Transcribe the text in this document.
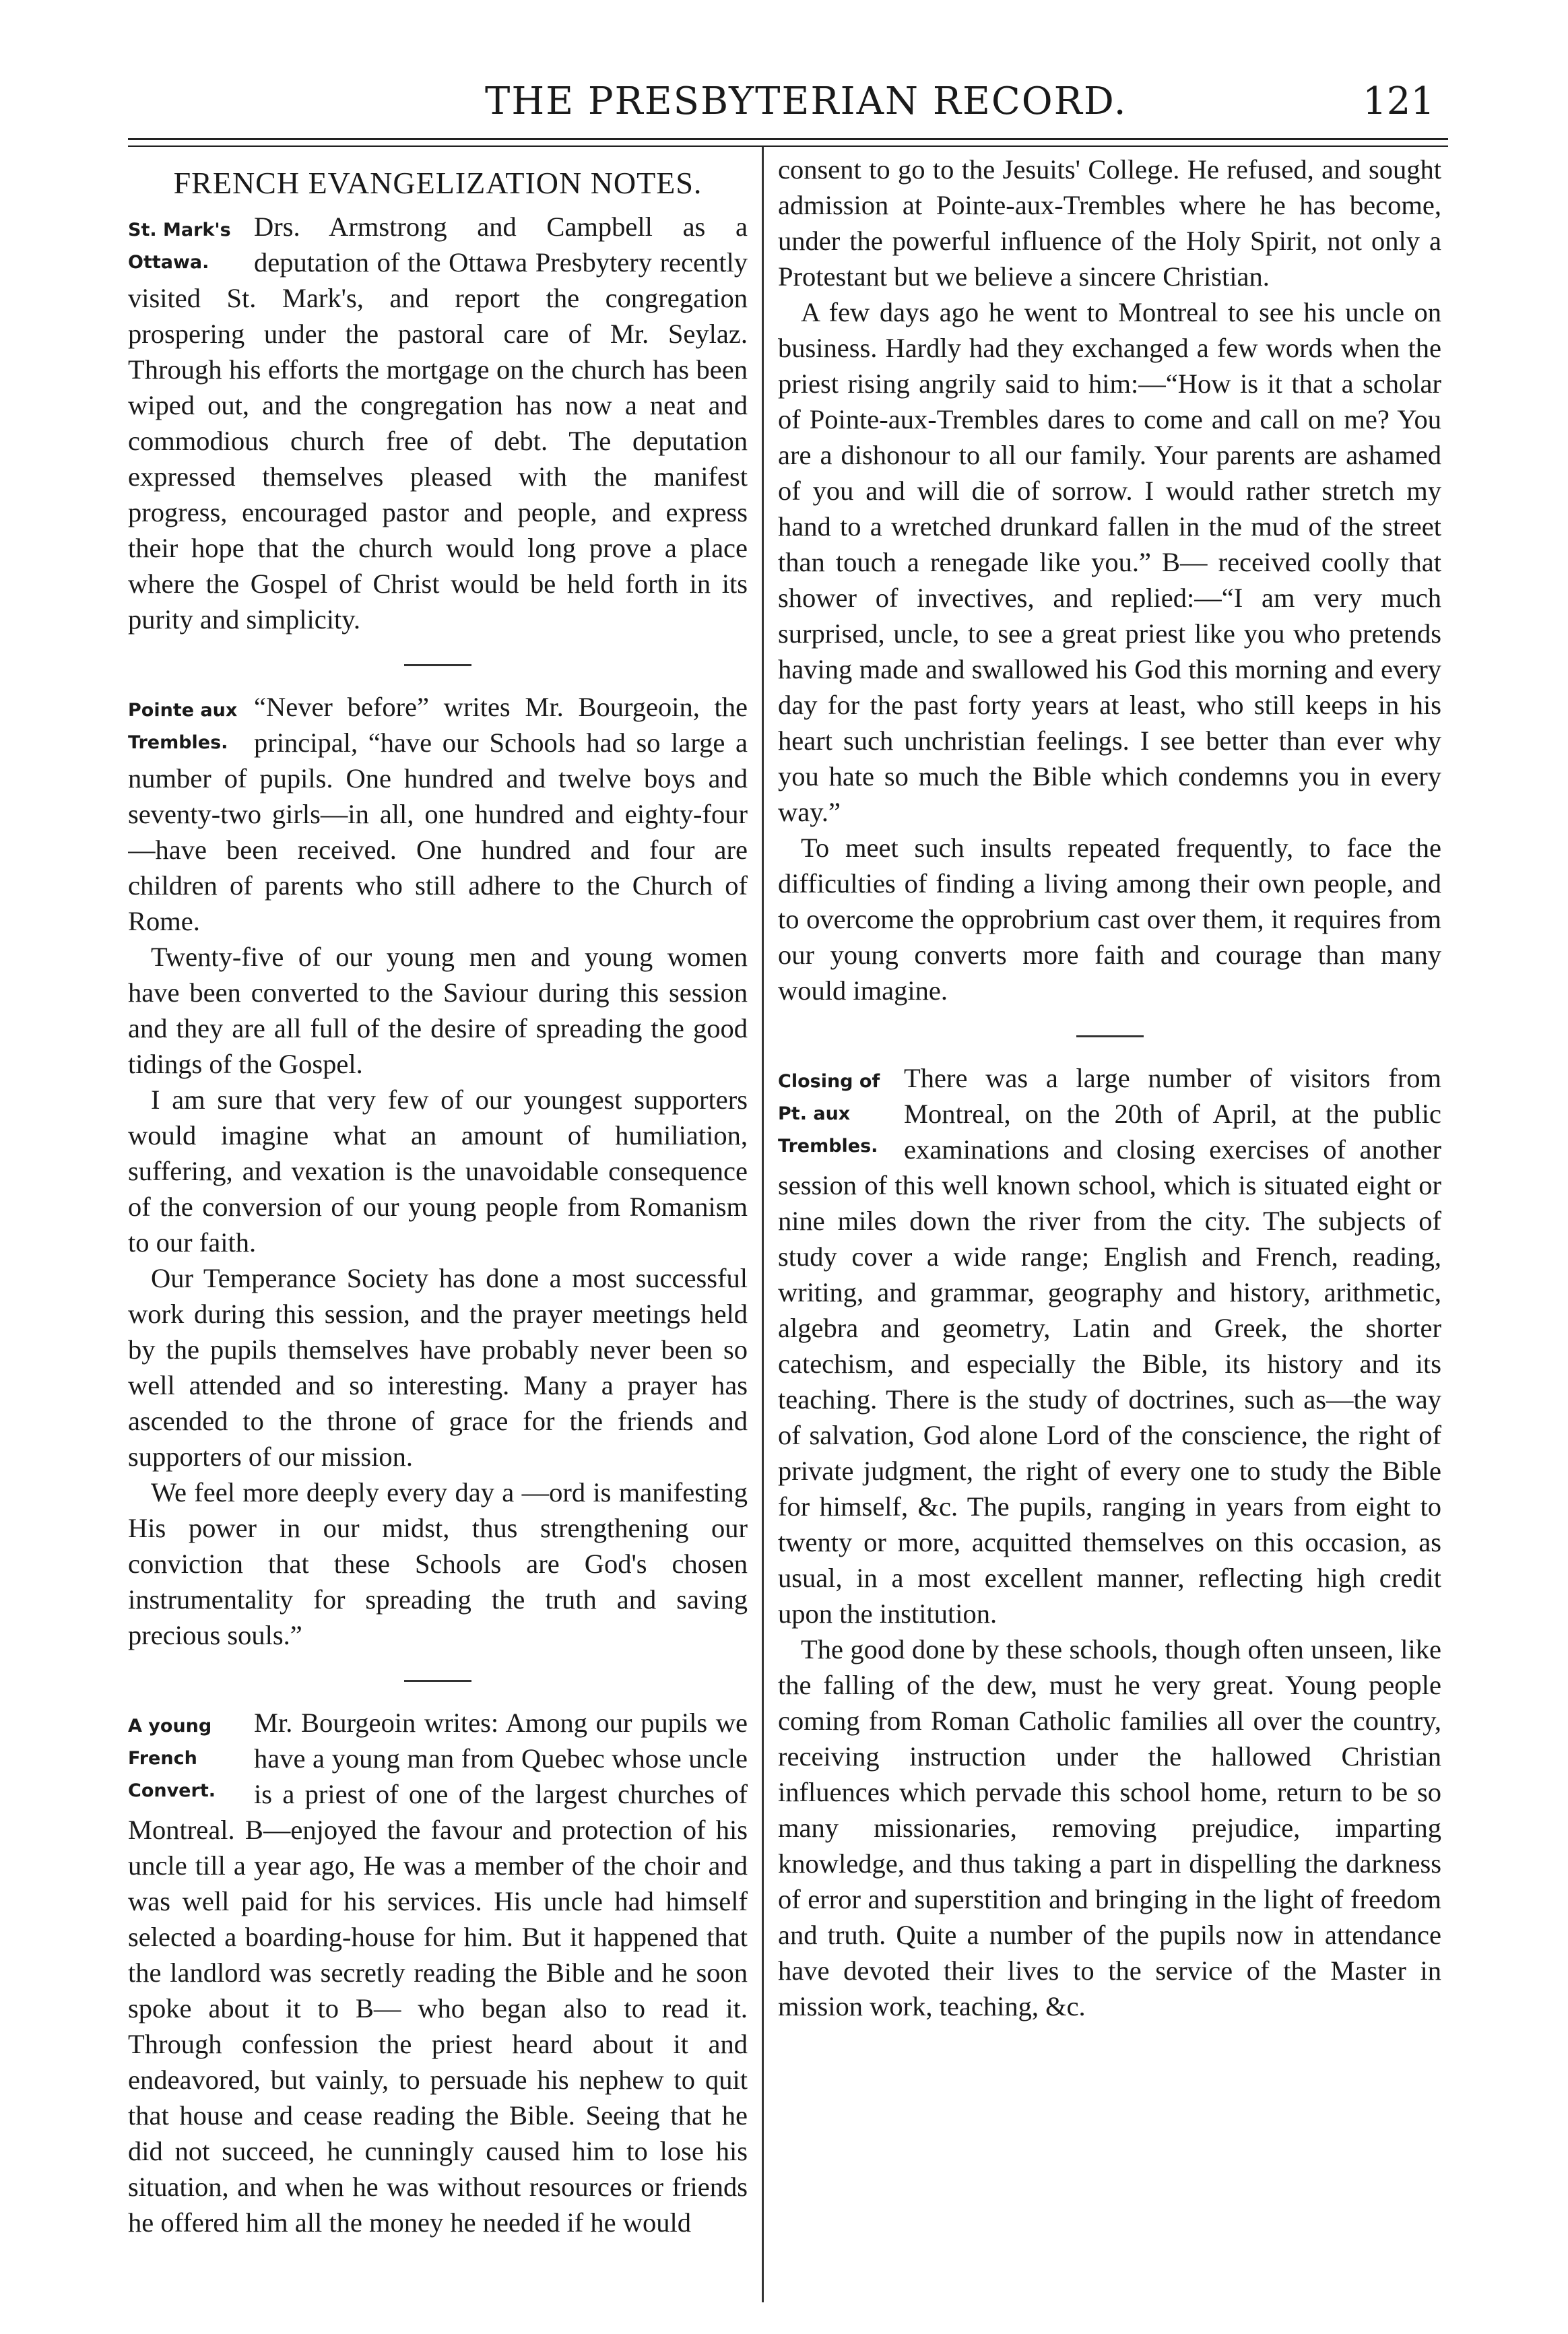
THE PRESBYTERIAN RECORD.	121
FRENCH EVANGELIZATION NOTES.
St. Mark's Ottawa.

Drs. Armstrong and Campbell as a deputation of the Ottawa Presbytery recently visited St. Mark's, and report the congregation prospering under the pastoral care of Mr. Seylaz. Through his efforts the mortgage on the church has been wiped out, and the congregation has now a neat and commodious church free of debt. The deputation expressed themselves pleased with the manifest progress, encouraged pastor and people, and express their hope that the church would long prove a place where the Gospel of Christ would be held forth in its purity and simplicity.

Pointe aux Trembles.

“Never before” writes Mr. Bourgeoin, the principal, “have our Schools had so large a number of pupils. One hundred and twelve boys and seventy-two girls—in all, one hundred and eighty-four—have been received. One hundred and four are children of parents who still adhere to the Church of Rome.

Twenty-five of our young men and young women have been converted to the Saviour during this session and they are all full of the desire of spreading the good tidings of the Gospel.

I am sure that very few of our youngest supporters would imagine what an amount of humiliation, suffering, and vexation is the unavoidable consequence of the conversion of our young people from Romanism to our faith.

Our Temperance Society has done a most successful work during this session, and the prayer meetings held by the pupils themselves have probably never been so well attended and so interesting. Many a prayer has ascended to the throne of grace for the friends and supporters of our mission.

We feel more deeply every day a —ord is manifesting His power in our midst, thus strengthening our conviction that these Schools are God's chosen instrumentality for spreading the truth and saving precious souls.”

A young French Convert.

Mr. Bourgeoin writes: Among our pupils we have a young man from Quebec whose uncle is a priest of one of the largest churches of Montreal. B—enjoyed the favour and protection of his uncle till a year ago, He was a member of the choir and was well paid for his services. His uncle had himself selected a boarding-house for him. But it happened that the landlord was secretly reading the Bible and he soon spoke about it to B— who began also to read it. Through confession the priest heard about it and endeavored, but vainly, to persuade his nephew to quit that house and cease reading the Bible. Seeing that he did not succeed, he cunningly caused him to lose his situation, and when he was without resources or friends he offered him all the money he needed if he would

consent to go to the Jesuits' College. He refused, and sought admission at Pointe-aux-Trembles where he has become, under the powerful influence of the Holy Spirit, not only a Protestant but we believe a sincere Christian.

A few days ago he went to Montreal to see his uncle on business. Hardly had they exchanged a few words when the priest rising angrily said to him:—“How is it that a scholar of Pointe-aux-Trembles dares to come and call on me? You are a dishonour to all our family. Your parents are ashamed of you and will die of sorrow. I would rather stretch my hand to a wretched drunkard fallen in the mud of the street than touch a renegade like you.” B— received coolly that shower of invectives, and replied:—“I am very much surprised, uncle, to see a great priest like you who pretends having made and swallowed his God this morning and every day for the past forty years at least, who still keeps in his heart such unchristian feelings. I see better than ever why you hate so much the Bible which condemns you in every way.”

To meet such insults repeated frequently, to face the difficulties of finding a living among their own people, and to overcome the opprobrium cast over them, it requires from our young converts more faith and courage than many would imagine.

Closing of Pt. aux Trembles.

There was a large number of visitors from Montreal, on the 20th of April, at the public examinations and closing exercises of another session of this well known school, which is situated eight or nine miles down the river from the city. The subjects of study cover a wide range; English and French, reading, writing, and grammar, geography and history, arithmetic, algebra and geometry, Latin and Greek, the shorter catechism, and especially the Bible, its history and its teaching. There is the study of doctrines, such as—the way of salvation, God alone Lord of the conscience, the right of private judgment, the right of every one to study the Bible for himself, &c. The pupils, ranging in years from eight to twenty or more, acquitted themselves on this occasion, as usual, in a most excellent manner, reflecting high credit upon the institution.

The good done by these schools, though often unseen, like the falling of the dew, must he very great. Young people coming from Roman Catholic families all over the country, receiving instruction under the hallowed Christian influences which pervade this school home, return to be so many missionaries, removing prejudice, imparting knowledge, and thus taking a part in dispelling the darkness of error and superstition and bringing in the light of freedom and truth. Quite a number of the pupils now in attendance have devoted their lives to the service of the Master in mission work, teaching, &c.
